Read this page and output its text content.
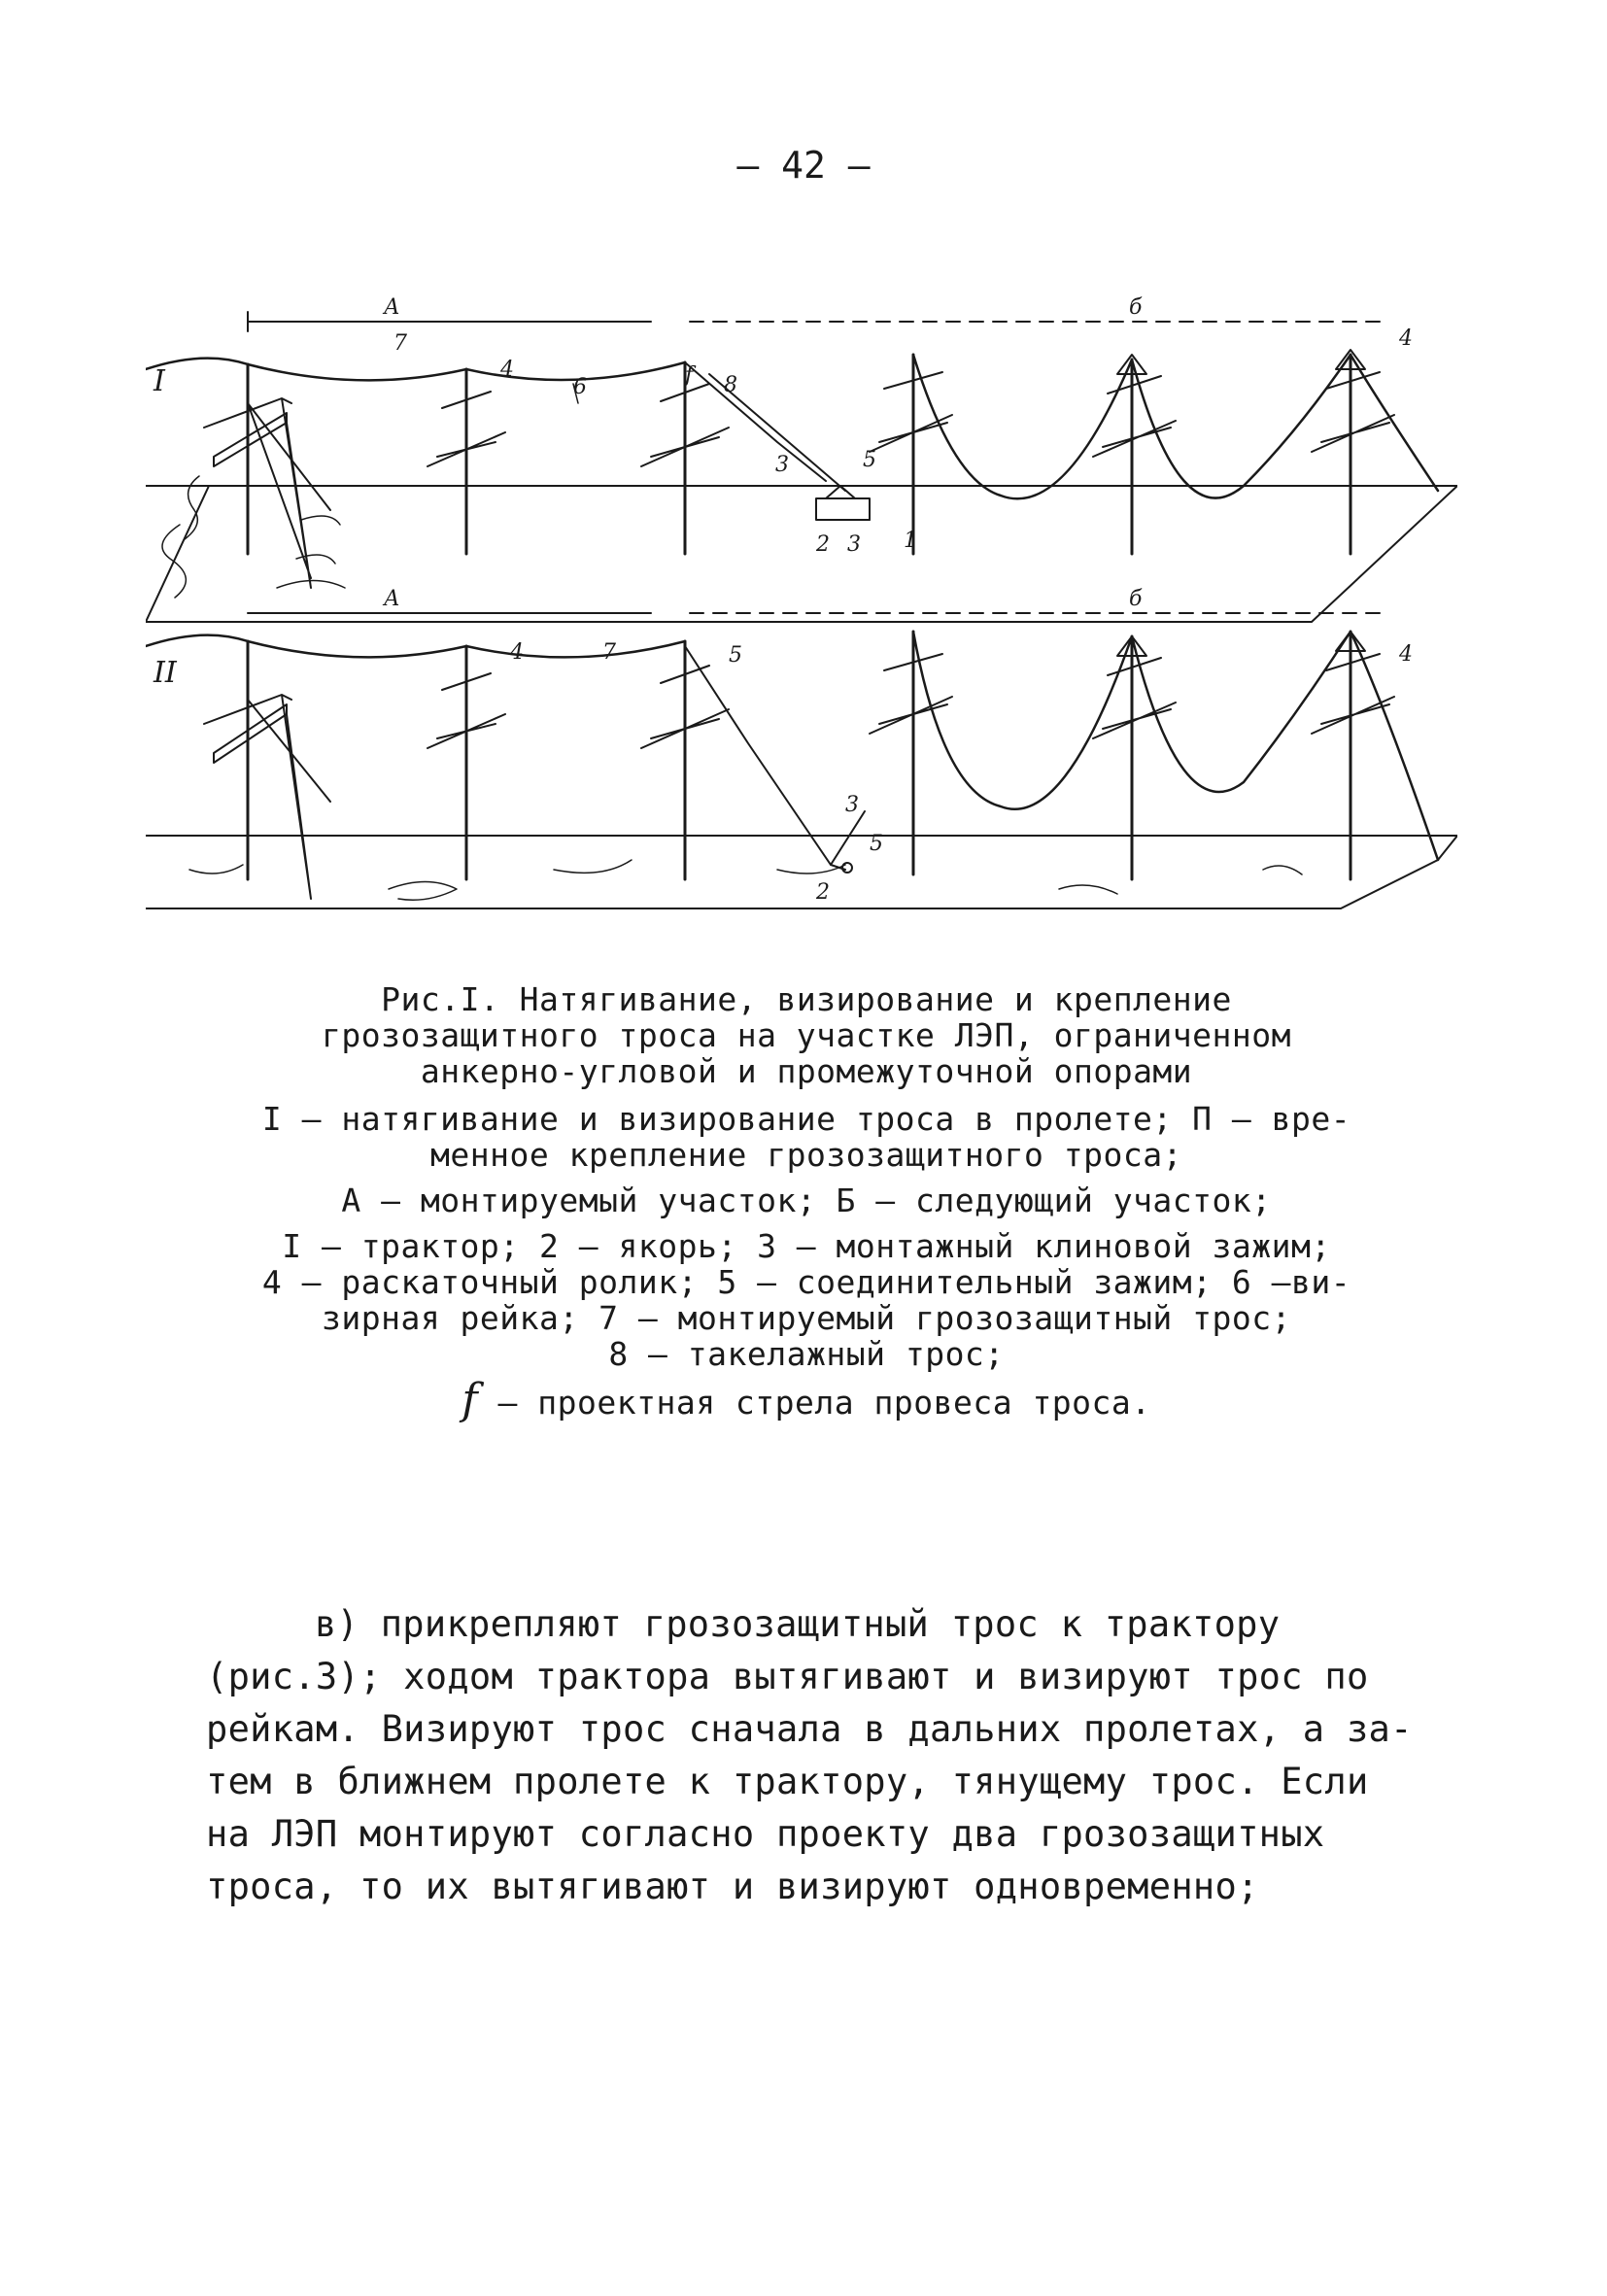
– 42 –
I
А	б
7
4
6	8
f
4
3	5
2 3 1
II
А	б
4	7	5	4
3
5
2
Рис.I. Натягивание, визирование и крепление
грозозащитного троса на участке ЛЭП, ограниченном
анкерно-угловой и промежуточной опорами
I – натягивание и визирование троса в пролете; П – вре-
менное крепление грозозащитного троса;
А – монтируемый участок; Б – следующий участок;
I – трактор; 2 – якорь; 3 – монтажный клиновой зажим;
4 – раскаточный ролик; 5 – соединительный зажим; 6 –ви-
зирная рейка; 7 – монтируемый грозозащитный трос;
8 – такелажный трос;
f – проектная стрела провеса троса.
в) прикрепляют грозозащитный трос к трактору
(рис.3); ходом трактора вытягивают и визируют трос по
рейкам. Визируют трос сначала в дальних пролетах, а за-
тем в ближнем пролете к трактору, тянущему трос. Если
на ЛЭП монтируют согласно проекту два грозозащитных
троса, то их вытягивают и визируют одновременно;
